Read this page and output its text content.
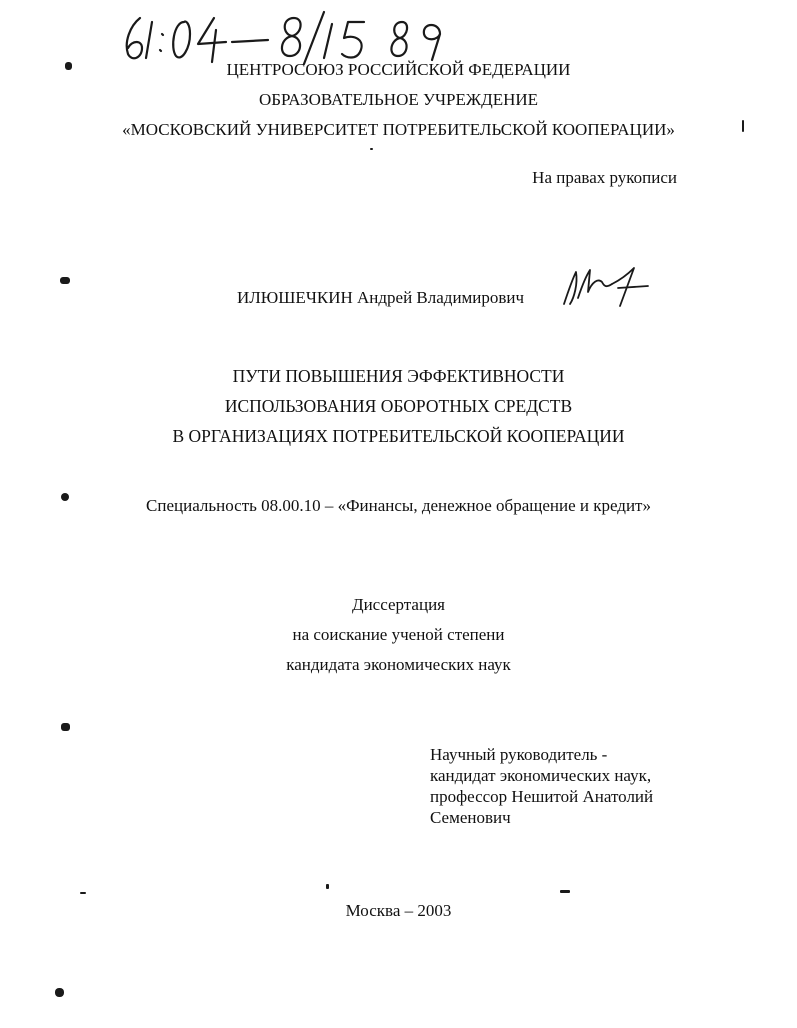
ЦЕНТРОСОЮЗ РОССИЙСКОЙ ФЕДЕРАЦИИ
ОБРАЗОВАТЕЛЬНОЕ УЧРЕЖДЕНИЕ
«МОСКОВСКИЙ УНИВЕРСИТЕТ ПОТРЕБИТЕЛЬСКОЙ КООПЕРАЦИИ»
На правах рукописи
ИЛЮШЕЧКИН Андрей Владимирович
ПУТИ ПОВЫШЕНИЯ ЭФФЕКТИВНОСТИ
ИСПОЛЬЗОВАНИЯ ОБОРОТНЫХ СРЕДСТВ
В ОРГАНИЗАЦИЯХ ПОТРЕБИТЕЛЬСКОЙ КООПЕРАЦИИ
Специальность 08.00.10 – «Финансы, денежное обращение и кредит»
Диссертация
на соискание ученой степени
кандидата экономических наук
Научный руководитель -
кандидат экономических наук,
профессор Нешитой Анатолий
Семенович
Москва – 2003
